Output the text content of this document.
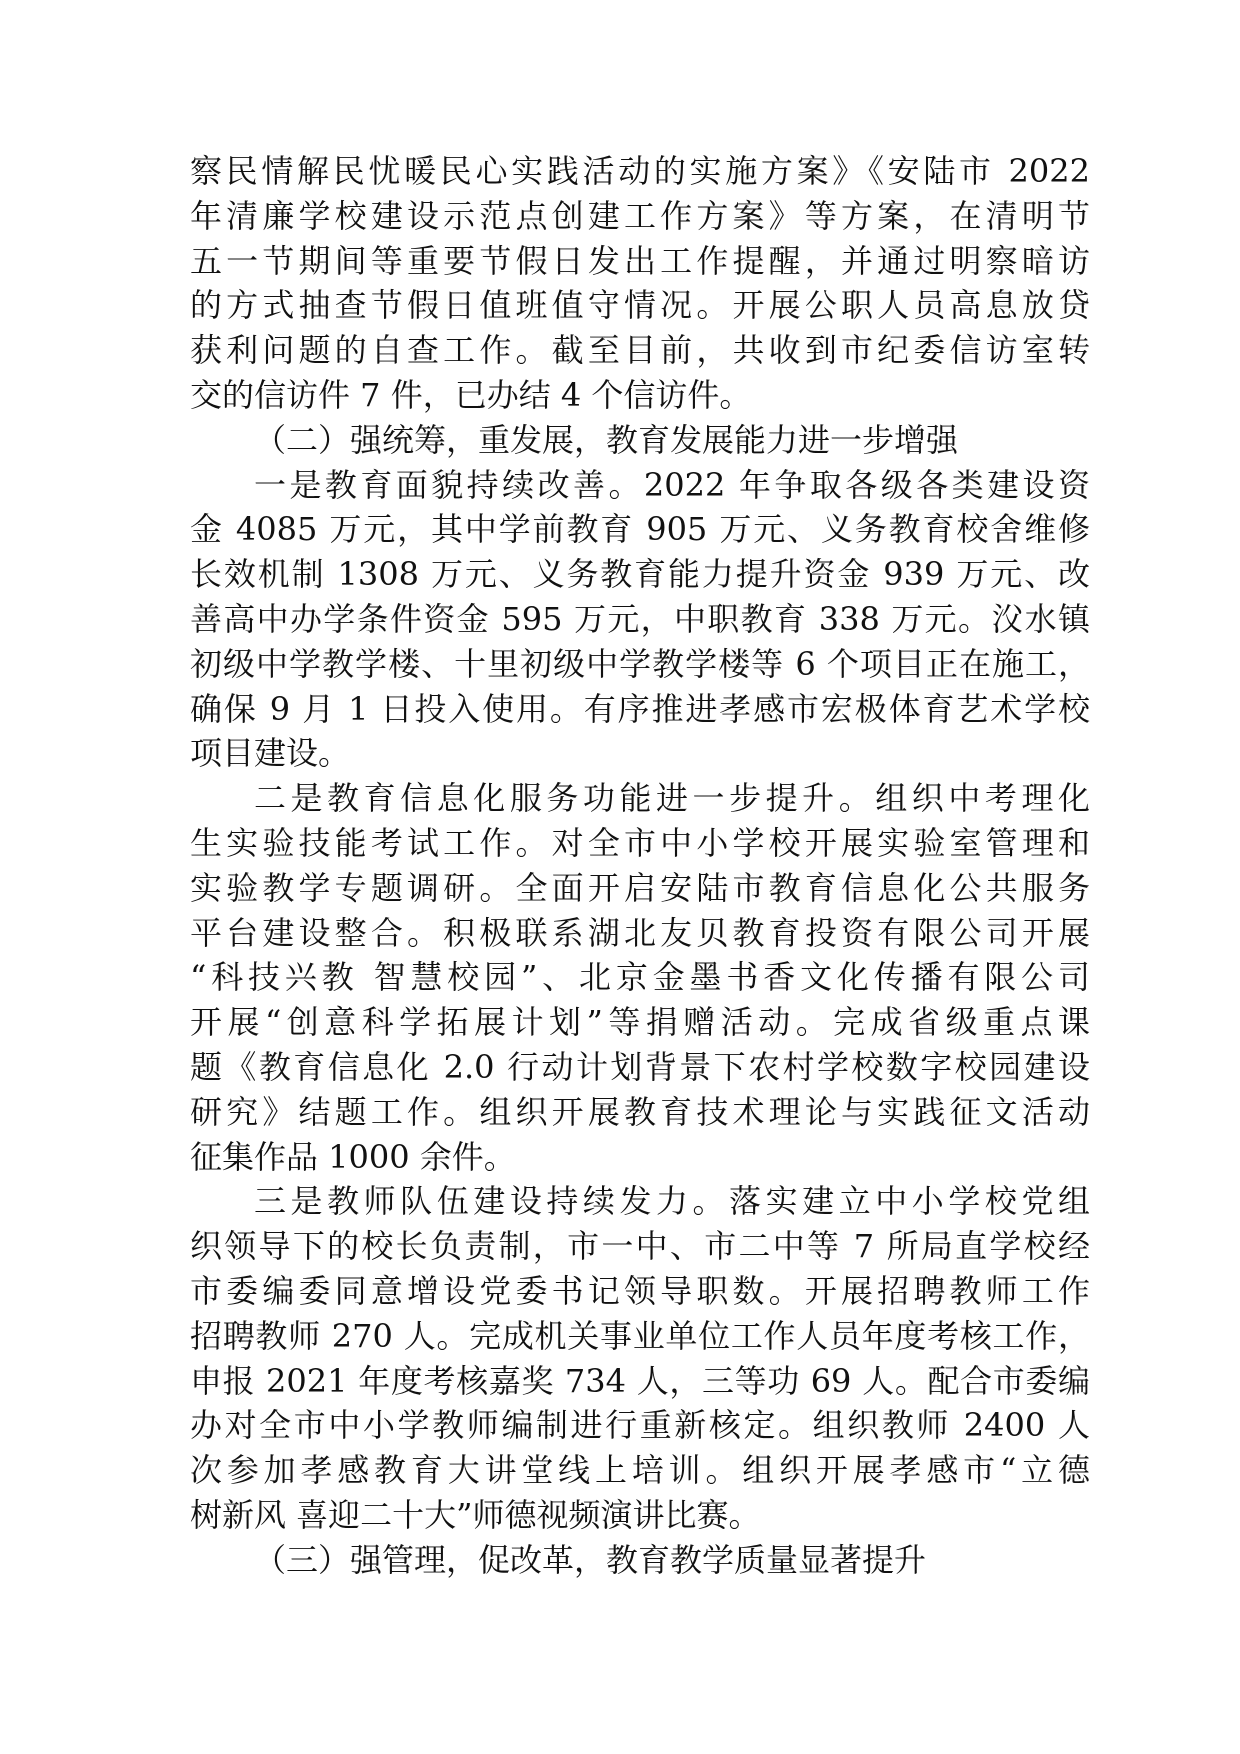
察民情解民忧暖民心实践活动的实施方案》《安陆市 2022
年清廉学校建设示范点创建工作方案》等方案，在清明节
五一节期间等重要节假日发出工作提醒，并通过明察暗访
的方式抽查节假日值班值守情况。开展公职人员高息放贷
获利问题的自查工作。截至目前，共收到市纪委信访室转
交的信访件 7 件，已办结 4 个信访件。
（二）强统筹，重发展，教育发展能力进一步增强
一是教育面貌持续改善。2022 年争取各级各类建设资
金 4085 万元，其中学前教育 905 万元、义务教育校舍维修
长效机制 1308 万元、义务教育能力提升资金 939 万元、改
善高中办学条件资金 595 万元，中职教育 338 万元。㳇水镇
初级中学教学楼、十里初级中学教学楼等 6 个项目正在施工，
确保 9 月 1 日投入使用。有序推进孝感市宏极体育艺术学校
项目建设。
二是教育信息化服务功能进一步提升。组织中考理化
生实验技能考试工作。对全市中小学校开展实验室管理和
实验教学专题调研。全面开启安陆市教育信息化公共服务
平台建设整合。积极联系湖北友贝教育投资有限公司开展
“科技兴教 智慧校园”、北京金墨书香文化传播有限公司
开展“创意科学拓展计划”等捐赠活动。完成省级重点课
题《教育信息化 2.0 行动计划背景下农村学校数字校园建设
研究》结题工作。组织开展教育技术理论与实践征文活动
征集作品 1000 余件。
三是教师队伍建设持续发力。落实建立中小学校党组
织领导下的校长负责制，市一中、市二中等 7 所局直学校经
市委编委同意增设党委书记领导职数。开展招聘教师工作
招聘教师 270 人。完成机关事业单位工作人员年度考核工作，
申报 2021 年度考核嘉奖 734 人，三等功 69 人。配合市委编
办对全市中小学教师编制进行重新核定。组织教师 2400 人
次参加孝感教育大讲堂线上培训。组织开展孝感市“立德
树新风 喜迎二十大”师德视频演讲比赛。
（三）强管理，促改革，教育教学质量显著提升
